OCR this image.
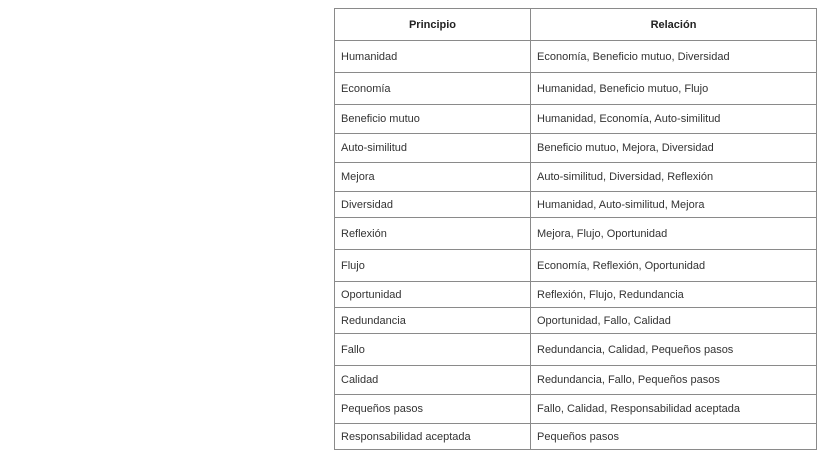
Principio	Relación
Humanidad	Economía, Beneficio mutuo, Diversidad
Economía	Humanidad, Beneficio mutuo, Flujo
Beneficio mutuo	Humanidad, Economía, Auto-similitud
Auto-similitud	Beneficio mutuo, Mejora, Diversidad
Mejora	Auto-similitud, Diversidad, Reflexión
Diversidad	Humanidad, Auto-similitud, Mejora
Reflexión	Mejora, Flujo, Oportunidad
Flujo	Economía, Reflexión, Oportunidad
Oportunidad	Reflexión, Flujo, Redundancia
Redundancia	Oportunidad, Fallo, Calidad
Fallo	Redundancia, Calidad, Pequeños pasos
Calidad	Redundancia, Fallo, Pequeños pasos
Pequeños pasos	Fallo, Calidad, Responsabilidad aceptada
Responsabilidad aceptada	Pequeños pasos
